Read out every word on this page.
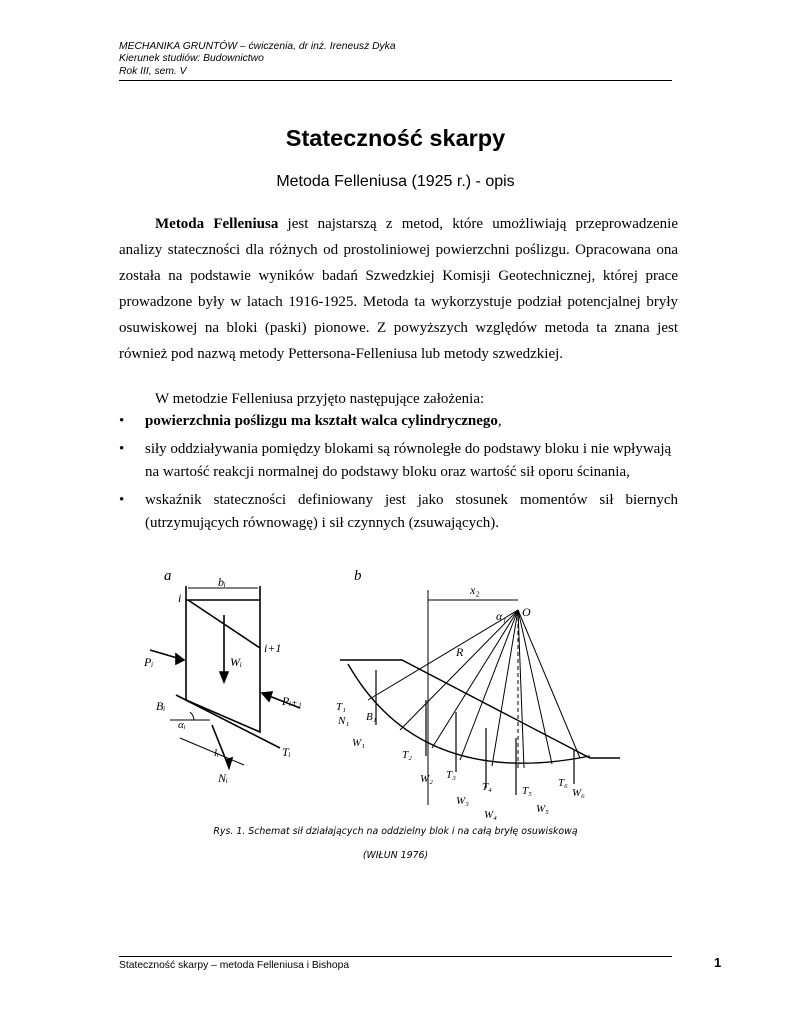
MECHANIKA GRUNTÓW – ćwiczenia, dr inż. Ireneusz Dyka
Kierunek studiów: Budownictwo
Rok III, sem. V
Stateczność skarpy
Metoda Felleniusa (1925 r.) - opis

Metoda Felleniusa jest najstarszą z metod, które umożliwiają przeprowadzenie analizy stateczności dla różnych od prostoliniowej powierzchni poślizgu. Opracowana ona została na podstawie wyników badań Szwedzkiej Komisji Geotechnicznej, której prace prowadzone były w latach 1916-1925. Metoda ta wykorzystuje podział potencjalnej bryły osuwiskowej na bloki (paski) pionowe. Z powyższych względów metoda ta znana jest również pod nazwą metody Pettersona-Felleniusa lub metody szwedzkiej.

W metodzie Felleniusa przyjęto następujące założenia:
• powierzchnia poślizgu ma kształt walca cylindrycznego,
• siły oddziaływania pomiędzy blokami są równoległe do podstawy bloku i nie wpływają
na wartość reakcji normalnej do podstawy bloku oraz wartość sił oporu ścinania,
• wskaźnik stateczności definiowany jest jako stosunek momentów sił biernych
(utrzymujących równowagę) i sił czynnych (zsuwających).
a	bᵢ
i
i+1
Wᵢ
Pᵢ
Pᵢ₊₁
Bᵢ
αᵢ
lᵢ	Tᵢ
Nᵢ
b
x₂
α₁ O
R
T₁
N₁ B₁
W₁
T₂
W₂ T₃
W₃
T₄
W₄
T₅
W₅
T₆
W₆
Rys. 1. Schemat sił działających na oddzielny blok i na całą bryłę osuwiskową
(WIŁUN 1976)
Stateczność skarpy – metoda Felleniusa i Bishopa	1
